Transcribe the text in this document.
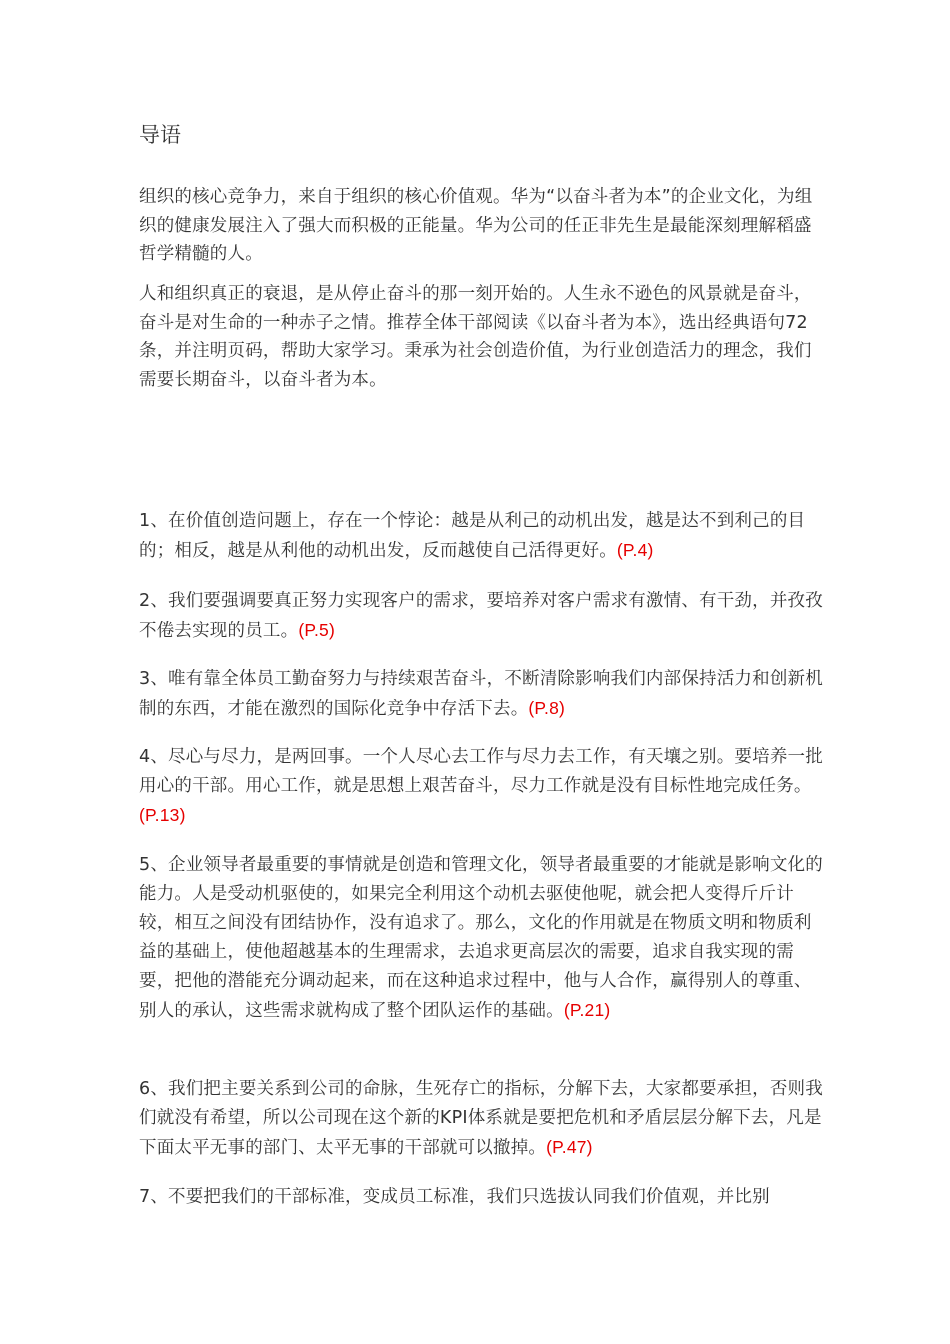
导语

组织的核心竞争力，来自于组织的核心价值观。华为“以奋斗者为本”的企业文化，为组织的健康发展注入了强大而积极的正能量。华为公司的任正非先生是最能深刻理解稻盛哲学精髓的人。

人和组织真正的衰退，是从停止奋斗的那一刻开始的。人生永不逊色的风景就是奋斗，奋斗是对生命的一种赤子之情。推荐全体干部阅读《以奋斗者为本》，选出经典语句72条，并注明页码，帮助大家学习。秉承为社会创造价值，为行业创造活力的理念，我们需要长期奋斗，以奋斗者为本。

1、在价值创造问题上，存在一个悖论：越是从利己的动机出发，越是达不到利己的目的；相反，越是从利他的动机出发，反而越使自己活得更好。(P.4)

2、我们要强调要真正努力实现客户的需求，要培养对客户需求有激情、有干劲，并孜孜不倦去实现的员工。(P.5)

3、唯有靠全体员工勤奋努力与持续艰苦奋斗，不断清除影响我们内部保持活力和创新机制的东西，才能在激烈的国际化竞争中存活下去。(P.8)

4、尽心与尽力，是两回事。一个人尽心去工作与尽力去工作，有天壤之别。要培养一批用心的干部。用心工作，就是思想上艰苦奋斗，尽力工作就是没有目标性地完成任务。(P.13)

5、企业领导者最重要的事情就是创造和管理文化，领导者最重要的才能就是影响文化的能力。人是受动机驱使的，如果完全利用这个动机去驱使他呢，就会把人变得斤斤计较，相互之间没有团结协作，没有追求了。那么，文化的作用就是在物质文明和物质利益的基础上，使他超越基本的生理需求，去追求更高层次的需要，追求自我实现的需要，把他的潜能充分调动起来，而在这种追求过程中，他与人合作，赢得别人的尊重、别人的承认，这些需求就构成了整个团队运作的基础。(P.21)

6、我们把主要关系到公司的命脉，生死存亡的指标，分解下去，大家都要承担，否则我们就没有希望，所以公司现在这个新的KPI体系就是要把危机和矛盾层层分解下去，凡是下面太平无事的部门、太平无事的干部就可以撤掉。(P.47)

7、不要把我们的干部标准，变成员工标准，我们只选拔认同我们价值观，并比别
